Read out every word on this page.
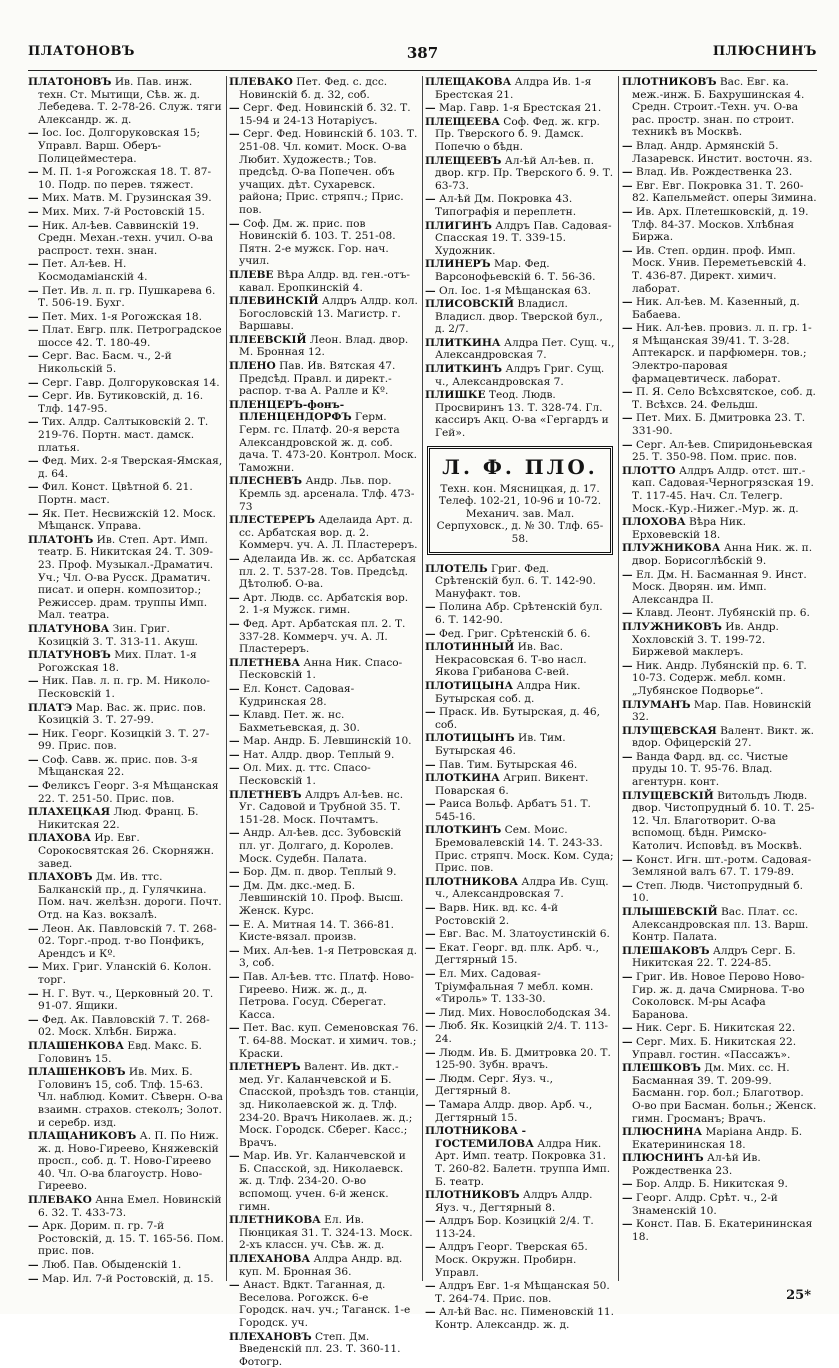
ПЛАТОНОВЪ	387	ПЛЮСНИНЪ
ПЛАТОНОВЪ Ив. Пав. инж. техн. Ст. Мытищи, Сѣв. ж. д. Лебедева. Т. 2-78-26. Служ. тяги Александр. ж. д.
— Іос. Іос. Долгоруковская 15; Управл. Варш. Оберъ-Полицейместера.
— М. П. 1-я Рогожская 18. Т. 87-10. Подр. по перев. тяжест.
— Мих. Матв. М. Грузинская 39.
— Мих. Мих. 7-й Ростовскій 15.
— Ник. Ал-ѣев. Саввинскій 19. Средн. Механ.-техн. учил. О-ва распрост. техн. знан.
— Пет. Ал-ѣев. Н. Космодамiанскій 4.
— Пет. Ив. л. п. гр. Пушкарева 6. Т. 506-19. Бухг.
— Пет. Мих. 1-я Рогожская 18.
— Плат. Евгр. плк. Петроградское шоссе 42. Т. 180-49.
— Серг. Вас. Басм. ч., 2-й Никольскій 5.
— Серг. Гавр. Долгоруковская 14.
— Серг. Ив. Бутиковскій, д. 16. Тлф. 147-95.
— Тих. Алдр. Салтыковскій 2. Т. 219-76. Портн. маст. дамск. платья.
— Фед. Мих. 2-я Тверская-Ямская, д. 64.
— Фил. Конст. Цвѣтной б. 21. Портн. маст.
— Як. Пет. Несвижскій 12. Моск. Мѣщанск. Управа.
ПЛАТОНЪ Ив. Степ. Арт. Имп. театр. Б. Никитская 24. Т. 309-23. Проф. Музыкал.-Драматич. Уч.; Чл. О-ва Русск. Драматич. писат. и оперн. композитор.; Режиссер. драм. труппы Имп. Мал. театра.
ПЛАТУНОВА Зин. Григ. Козицкій 3. Т. 313-11. Акуш.
ПЛАТУНОВЪ Мих. Плат. 1-я Рогожская 18.
— Ник. Пав. л. п. гр. М. Николо-Песковскій 1.
ПЛАТЭ Мар. Вас. ж. прис. пов. Козицкій 3. Т. 27-99.
— Ник. Георг. Козицкій 3. Т. 27-99. Прис. пов.
— Соф. Савв. ж. прис. пов. 3-я Мѣщанская 22.
— Феликсъ Георг. 3-я Мѣщанская 22. Т. 251-50. Прис. пов.
ПЛАХЕЦКАЯ Люд. Франц. Б. Никитская 22.
ПЛАХОВА Ир. Евг. Сорокосвятская 26. Скорняжн. завед.
ПЛАХОВЪ Дм. Ив. ттс. Балканскій пр., д. Гулячкина. Пом. нач. желѣзн. дороги. Почт. Отд. на Каз. вокзалѣ.
— Леон. Ак. Павловскій 7. Т. 268-02. Торг.-прод. т-во Понфикъ, Арендсъ и Кº.
— Мих. Григ. Уланскій 6. Колон. торг.
— Н. Г. Вут. ч., Церковный 20. Т. 91-07. Ящики.
— Фед. Ак. Павловскій 7. Т. 268-02. Моск. Хлѣбн. Биржа.
ПЛАШЕНКОВА Евд. Макс. Б. Головинъ 15.
ПЛАШЕНКОВЪ Ив. Мих. Б. Головинъ 15, соб. Тлф. 15-63. Чл. наблюд. Комит. Сѣверн. О-ва взаимн. страхов. стеколъ; Золот. и серебр. изд.
ПЛАЩАНИКОВЪ А. П. По Ниж. ж. д. Ново-Гиреево, Княжевскій просп., соб. д. Т. Ново-Гиреево 40. Чл. О-ва благоустр. Ново-Гиреево.
ПЛЕВАКО Анна Емел. Новинскій 6. 32. Т. 433-73.
— Арк. Дорим. п. гр. 7-й Ростовскій, д. 15. Т. 165-56. Пом. прис. пов.
— Люб. Пав. Обыденскій 1.
— Мар. Ил. 7-й Ростовскій, д. 15.
ПЛЕВАКО Пет. Фед. с. дсс. Новинскій б. д. 32, соб.
— Серг. Фед. Новинскій б. 32. Т. 15-94 и 24-13 Нотаріусъ.
— Серг. Фед. Новинскій б. 103. Т. 251-08. Чл. комит. Моск. О-ва Любит. Художеств.; Тов. предсѣд. О-ва Попечен. объ учащих. дѣт. Сухаревск. района; Прис. стряпч.; Прис. пов.
— Соф. Дм. ж. прис. пов Новинскій б. 103. Т. 251-08. Пятн. 2-е мужск. Гор. нач. учил.
ПЛЕВЕ Вѣра Алдр. вд. ген.-отъ-кавал. Еропкинскій 4.
ПЛЕВИНСКІЙ Алдръ Алдр. кол. Богословскій 13. Магистр. г. Варшавы.
ПЛЕЕВСКІЙ Леон. Влад. двор. М. Бронная 12.
ПЛЕНО Пав. Ив. Вятская 47. Предсѣд. Правл. и директ.-распор. т-ва А. Ралле и Кº.
ПЛЕНЦЕРЪ-фонъ-ПЛЕНЦЕНДОРФЪ Герм. Герм. гс. Платф. 20-я верста Александровской ж. д. соб. дача. Т. 473-20. Контрол. Моск. Таможни.
ПЛЕСНЕВЪ Андр. Льв. пор. Кремль зд. арсенала. Тлф. 473-73
ПЛЕСТЕРЕРЪ Аделаида Арт. д. сс. Арбатская вор. д. 2. Коммерч. уч. А. Л. Пластереръ.
— Аделаида Ив. ж. сс. Арбатская пл. 2. Т. 537-28. Тов. Предсѣд. Дѣтолюб. О-ва.
— Арт. Людв. сс. Арбатскія вор. 2. 1-я Мужск. гимн.
— Фед. Арт. Арбатская пл. 2. Т. 337-28. Коммерч. уч. А. Л. Пластереръ.
ПЛЕТНЕВА Анна Ник. Спасо-Песковскій 1.
— Ел. Конст. Садовая-Кудринская 28.
— Клавд. Пет. ж. нс. Бахметьевская, д. 30.
— Мар. Андр. Б. Левшинскій 10.
— Нат. Алдр. двор. Теплый 9.
— Ол. Мих. д. ттс. Спасо-Песковскій 1.
ПЛЕТНЕВЪ Алдръ Ал-ѣев. нс. Уг. Садовой и Трубной 35. Т. 151-28. Моск. Почтамтъ.
— Андр. Ал-ѣев. дсс. Зубовскій пл. уг. Долгаго, д. Королев. Моск. Судебн. Палата.
— Бор. Дм. п. двор. Теплый 9.
— Дм. Дм. дкс.-мед. Б. Левшинскій 10. Проф. Высш. Женск. Курс.
— Е. А. Митная 14. Т. 366-81. Кисте-вязал. произв.
— Мих. Ал-ѣев. 1-я Петровская д. 3, соб.
— Пав. Ал-ѣев. ттс. Платф. Ново-Гиреево. Ниж. ж. д., д. Петрова. Госуд. Сберегат. Касса.
— Пет. Вас. куп. Семеновская 76. Т. 64-88. Москат. и химич. тов.; Краски.
ПЛЕТНЕРЪ Валент. Ив. дкт.-мед. Уг. Каланчевской и Б. Спасской, проѣздъ тов. станціи, зд. Николаевской ж. д. Тлф. 234-20. Врачъ Николаев. ж. д.; Моск. Городск. Сберег. Касс.; Врачъ.
— Мар. Ив. Уг. Каланчевской и Б. Спасской, зд. Николаевск. ж. д. Тлф. 234-20. О-во вспомощ. учен. 6-й женск. гимн.
ПЛЕТНИКОВА Ел. Ив. Пюнцикая 31. Т. 324-13. Моск. 2-хъ классн. уч. Сѣв. ж. д.
ПЛЕХАНОВА Алдра Андр. вд. куп. М. Бронная 36.
— Анаст. Вдкт. Таганная, д. Веселова. Рогожск. 6-е Городск. нач. уч.; Таганск. 1-е Городск. уч.
ПЛЕХАНОВЪ Степ. Дм. Введенскій пл. 23. Т. 360-11. Фотогр.
ПЛЕЩАКОВА Алдра Ив. 1-я Брестская 21.
— Мар. Гавр. 1-я Брестская 21.
ПЛЕЩЕЕВА Соф. Фед. ж. кгр. Пр. Тверского б. 9. Дамск. Попечю о бѣдн.
ПЛЕЩЕЕВЪ Ал-ѣй Ал-ѣев. п. двор. кгр. Пр. Тверского б. 9. Т. 63-73.
— Ал-ѣй Дм. Покровка 43. Типографія и переплетн.
ПЛИГИНЪ Алдръ Пав. Садовая-Спасская 19. Т. 339-15. Художник.
ПЛИНЕРЪ Мар. Фед. Варсонофьевскій 6. Т. 56-36.
— Ол. Іос. 1-я Мѣщанская 63.
ПЛИСОВСКІЙ Владисл. Владисл. двор. Тверской бул., д. 2/7.
ПЛИТКИНА Алдра Пет. Сущ. ч., Александровская 7.
ПЛИТКИНЪ Алдръ Григ. Сущ. ч., Александровская 7.
ПЛИШКЕ Теод. Людв. Просвиринъ 13. Т. 328-74. Гл. кассиръ Акц. О-ва «Гергардъ и Гей».
Л. Ф. ПЛО.
Техн. кон. Мясницкая, д. 17.
Телеф. 102-21, 10-96 и 10-72.
Механич. зав. Мал. Серпуховск., д. № 30. Тлф. 65-58.
ПЛОТЕЛЬ Григ. Фед. Срѣтенскій бул. 6. Т. 142-90. Мануфакт. тов.
— Полина Абр. Срѣтенскій бул. 6. Т. 142-90.
— Фед. Григ. Срѣтенскій б. 6.
ПЛОТИННЫЙ Ив. Вас. Некрасовская 6. Т-во насл. Якова Грибанова С-вей.
ПЛОТИЦЫНА Алдра Ник. Бутырская соб. д.
— Праск. Ив. Бутырская, д. 46, соб.
ПЛОТИЦЫНЪ Ив. Тим. Бутырская 46.
— Пав. Тим. Бутырская 46.
ПЛОТКИНА Агрип. Викент. Поварская 6.
— Раиса Вольф. Арбатъ 51. Т. 545-16.
ПЛОТКИНЪ Сем. Моис. Бремовалевскій 14. Т. 243-33. Прис. стряпч. Моск. Ком. Суда; Прис. пов.
ПЛОТНИКОВА Алдра Ив. Сущ. ч., Александровская 7.
— Варв. Ник. вд. кс. 4-й Ростовскій 2.
— Евг. Вас. М. Златоустинскій 6.
— Екат. Георг. вд. плк. Арб. ч., Дегтярный 15.
— Ел. Мих. Садовая-Тріумфальная 7 мебл. комн. «Тироль» Т. 133-30.
— Лид. Мих. Новослободская 34.
— Люб. Як. Козицкій 2/4. Т. 113-24.
— Людм. Ив. Б. Дмитровка 20. Т. 125-90. Зубн. врачъ.
— Людм. Серг. Яуз. ч., Дегтярный 8.
— Тамара Алдр. двор. Арб. ч., Дегтярный 15.
ПЛОТНИКОВА - ГОСТЕМИЛОВА Алдра Ник. Арт. Имп. театр. Покровка 31. Т. 260-82. Балетн. труппа Имп. Б. театр.
ПЛОТНИКОВЪ Алдръ Алдр. Яуз. ч., Дегтярный 8.
— Алдръ Бор. Козицкій 2/4. Т. 113-24.
— Алдръ Георг. Тверская 65. Моск. Окружн. Пробирн. Управл.
— Алдръ Евг. 1-я Мѣщанская 50. Т. 264-74. Прис. пов.
— Ал-ѣй Вас. нс. Пименовскій 11. Контр. Александр. ж. д.
ПЛОТНИКОВЪ Вас. Евг. ка. меж.-инж. Б. Бахрушинская 4. Средн. Строит.-Техн. уч. О-ва рас. простр. знан. по строит. техникѣ въ Москвѣ.
— Влад. Андр. Армянскій 5. Лазаревск. Инстит. восточн. яз.
— Влад. Ив. Рождественка 23.
— Евг. Евг. Покровка 31. Т. 260-82. Капельмейст. оперы Зимина.
— Ив. Арх. Плетешковскій, д. 19. Тлф. 84-37. Москов. Хлѣбная Биржа.
— Ив. Степ. ордин. проф. Имп. Моск. Унив. Переметьевскій 4. Т. 436-87. Директ. химич. лаборат.
— Ник. Ал-ѣев. М. Казенный, д. Бабаева.
— Ник. Ал-ѣев. провиз. л. п. гр. 1-я Мѣщанская 39/41. Т. 3-28. Аптекарск. и парфюмерн. тов.; Электро-паровая фармацевтическ. лаборат.
— П. Я. Село Всѣхсвятское, соб. д. Т. Всѣхсв. 24. Фельдш.
— Пет. Мих. Б. Дмитровка 23. Т. 331-90.
— Серг. Ал-ѣев. Спиридоньевская 25. Т. 350-98. Пом. прис. пов.
ПЛОТТО Алдръ Алдр. отст. шт.-кап. Садовая-Черногрязская 19. Т. 117-45. Нач. Сл. Телегр. Моск.-Кур.-Нижег.-Мур. ж. д.
ПЛОХОВА Вѣра Ник. Ерховевскій 18.
ПЛУЖНИКОВА Анна Ник. ж. п. двор. Борисоглѣбскій 9.
— Ел. Дм. Н. Басманная 9. Инст. Моск. Дворян. им. Имп. Александра II.
— Клавд. Леонт. Лубянскій пр. 6.
ПЛУЖНИКОВЪ Ив. Андр. Хохловскій 3. Т. 199-72. Биржевой маклеръ.
— Ник. Андр. Лубянскій пр. 6. Т. 10-73. Содерж. мебл. комн. „Лубянское Подворье“.
ПЛУМАНЪ Мар. Пав. Новинскій 32.
ПЛУЩЕВСКАЯ Валент. Викт. ж. вдор. Офицерскій 27.
— Ванда Фард. вд. сс. Чистые пруды 10. Т. 95-76. Влад. агентурн. конт.
ПЛУЩЕВСКІЙ Витольдъ Людв. двор. Чистопрудный б. 10. Т. 25-12. Чл. Благотворит. О-ва вспомощ. бѣдн. Римско-Католич. Исповѣд. въ Москвѣ.
— Конст. Игн. шт.-ротм. Садовая-Земляной валъ 67. Т. 179-89.
— Степ. Людв. Чистопрудный б. 10.
ПЛЫШЕВСКІЙ Вас. Плат. сс. Александровская пл. 13. Варш. Контр. Палата.
ПЛЕШАКОВЪ Алдръ Серг. Б. Никитская 22. Т. 224-85.
— Григ. Ив. Новое Перово Ново-Гир. ж. д. дача Смирнова. Т-во Соколовск. М-ры Асафа Баранова.
— Ник. Серг. Б. Никитская 22.
— Серг. Мих. Б. Никитская 22. Управл. гостин. «Пассажъ».
ПЛЕШКОВЪ Дм. Мих. сс. Н. Басманная 39. Т. 209-99. Басманн. гор. бол.; Благотвор. О-во при Басман. больн.; Женск. гимн. Гросманъ; Врачъ.
ПЛЮСНИНА Маріана Андр. Б. Екатерининская 18.
ПЛЮСНИНЪ Ал-ѣй Ив. Рождественка 23.
— Бор. Алдр. Б. Никитская 9.
— Георг. Алдр. Срѣт. ч., 2-й Знаменскій 10.
— Конст. Пав. Б. Екатерининская 18.
25*
